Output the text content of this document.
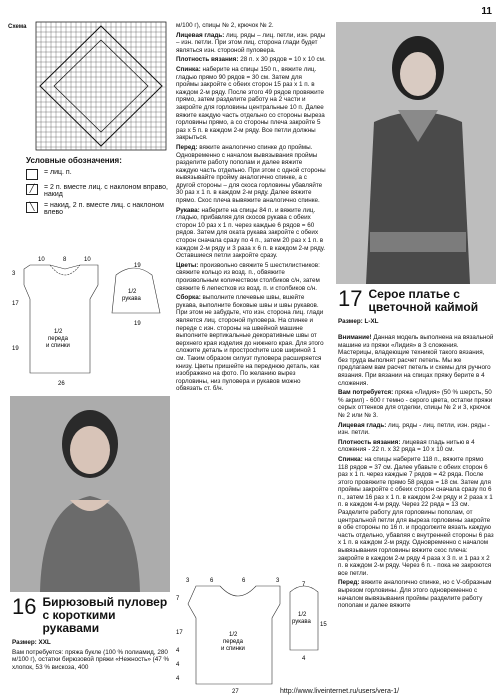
11
Схема
Условные обозначения:
= лиц. п.
╱	= 2 п. вместе лиц. с наклоном вправо, накид
╲	= накид, 2 п. вместе лиц. с наклоном влево
10	8	10
3
17
19
1/2 переда и спинки
26
1/2 рукава
19
19
16 Бирюзовый пуловер с короткими рукавами
Размер: XXL
Вам потребуется: пряжа букле (100 % полиамид, 280 м/100 г), остатки бирюзовой пряжи «Нежность» (47 % хлопок, 53 % вискоза, 400

м/100 г), спицы № 2, крючок № 2.

Лицевая гладь: лиц. ряды – лиц. петли, изн. ряды – изн. петли. При этом лиц. сторона глади будет являться изн. стороной пуловера.

Плотность вязания: 28 п. x 30 рядов = 10 x 10 см.

Спинка: наберите на спицы 150 п., вяжите лиц. гладью прямо 90 рядов = 30 см. Затем для проймы закройте с обеих сторон 15 раз x 1 п. в каждом 2-м ряду. После этого 49 рядов провяжите прямо, затем разделите работу на 2 части и закройте для горловины центральные 10 п. Далее вяжите каждую часть отдельно со стороны выреза горловины прямо, а со стороны плеча закройте 5 раз x 5 п. в каждом 2-м ряду. Все петли должны закрыться.

Перед: вяжите аналогично спинке до проймы. Одновременно с началом вывязывания проймы разделите работу пополам и далее вяжите каждую часть отдельно. При этом с одной стороны вывязывайте пройму аналогично спинке, а с другой стороны – для скоса горловины убавляйте 30 раз x 1 п. в каждом 2-м ряду. Далее вяжите прямо. Скос плеча вывяжите аналогично спинке.

Рукава: наберите на спицы 84 п. и вяжите лиц. гладью, прибавляя для скосов рукава с обеих сторон 10 раз x 1 п. через каждые 6 рядов = 60 рядов. Затем для оката рукава закройте с обеих сторон сначала сразу по 4 п., затем 20 раз x 1 п. в каждом 2-м ряду и 3 раза x 6 п. в каждом 2-м ряду. Оставшиеся петли закройте сразу.

Цветы: произвольно свяжите 5 шестилистников: свяжите кольцо из возд. п., обвяжите произвольным количеством столбиков с/н, затем свяжите 6 лепестков из возд. п. и столбиков с/н.

Сборка: выполните плечевые швы, вшейте рукава, выполните боковые швы и швы рукавов. При этом не забудьте, что изн. сторона лиц. глади является лиц. стороной пуловера. На спинке и переде с изн. стороны на швейной машине выполните вертикальные декоративные швы от верхнего края изделия до нижнего края. Для этого сложите деталь и простроchите шов шириной 1 см. Таким образом силуэт пуловера расширяется книзу. Цветы пришейте на переднюю деталь, как изображено на фото. По желанию вырез горловины, низ пуловера и рукавов можно обвязать ст. б/н.

3	6	6	3
7
17
4
4
4
1/2 переда и спинки
27
1/2 рукава
7
15
4
17 Серое платье с цветочной каймой
Размер: L-XL

Внимание! Данная модель выполнена на вязальной машине из пряжи «Лидия» в 3 сложения. Мастерицы, владеющие техникой такого вязания, без труда выполнят расчет петель. Мы же предлагаем вам расчет петель и схемы для ручного вязания. При вязании на спицах пряжу берите в 4 сложения.

Вам потребуется: пряжа «Лидия» (50 % шерсть, 50 % акрил) - 600 г темно - серого цвета, остатки пряжи серых оттенков для отделки, спицы № 2 и 3, крючок № 2 или № 3.

Лицевая гладь: лиц. ряды - лиц. петли, изн. ряды - изн. петли.

Плотность вязания: лицевая гладь нитью в 4 сложения - 22 п. x 32 ряда = 10 x 10 см.

Спинка: на спицы наберите 118 п., вяжите прямо 118 рядов = 37 см. Далее убавьте с обеих сторон 6 раз x 1 п. через каждые 7 рядов = 42 ряда. После этого провяжите прямо 58 рядов = 18 см. Затем для проймы закройте с обеих сторон сначала сразу по 6 п., затем 16 раз x 1 п. в каждом 2-м ряду и 2 раза x 1 п. в каждом 4-м ряду. Через 22 ряда = 13 см. Разделите работу для горловины пополам, от центральной петли для выреза горловины закройте в обе стороны по 16 п. и продолжите вязать каждую часть отдельно, убавляя с внутренней стороны 6 раз x 1 п. в каждом 2-м ряду. Одновременно с началом вывязывания горловины вяжите скос плеча: закройте в каждом 2-м ряду 4 раза x 3 п. и 1 раз x 2 п. в каждом 2-м ряду. Через 6 п. - пока не закроются все петли.

Перед: вяжите аналогично спинке, но с V-образным вырезом горловины. Для этого одновременно с началом вывязывания проймы разделите работу пополам и далее вяжите

http://www.liveinternet.ru/users/vera-1/
